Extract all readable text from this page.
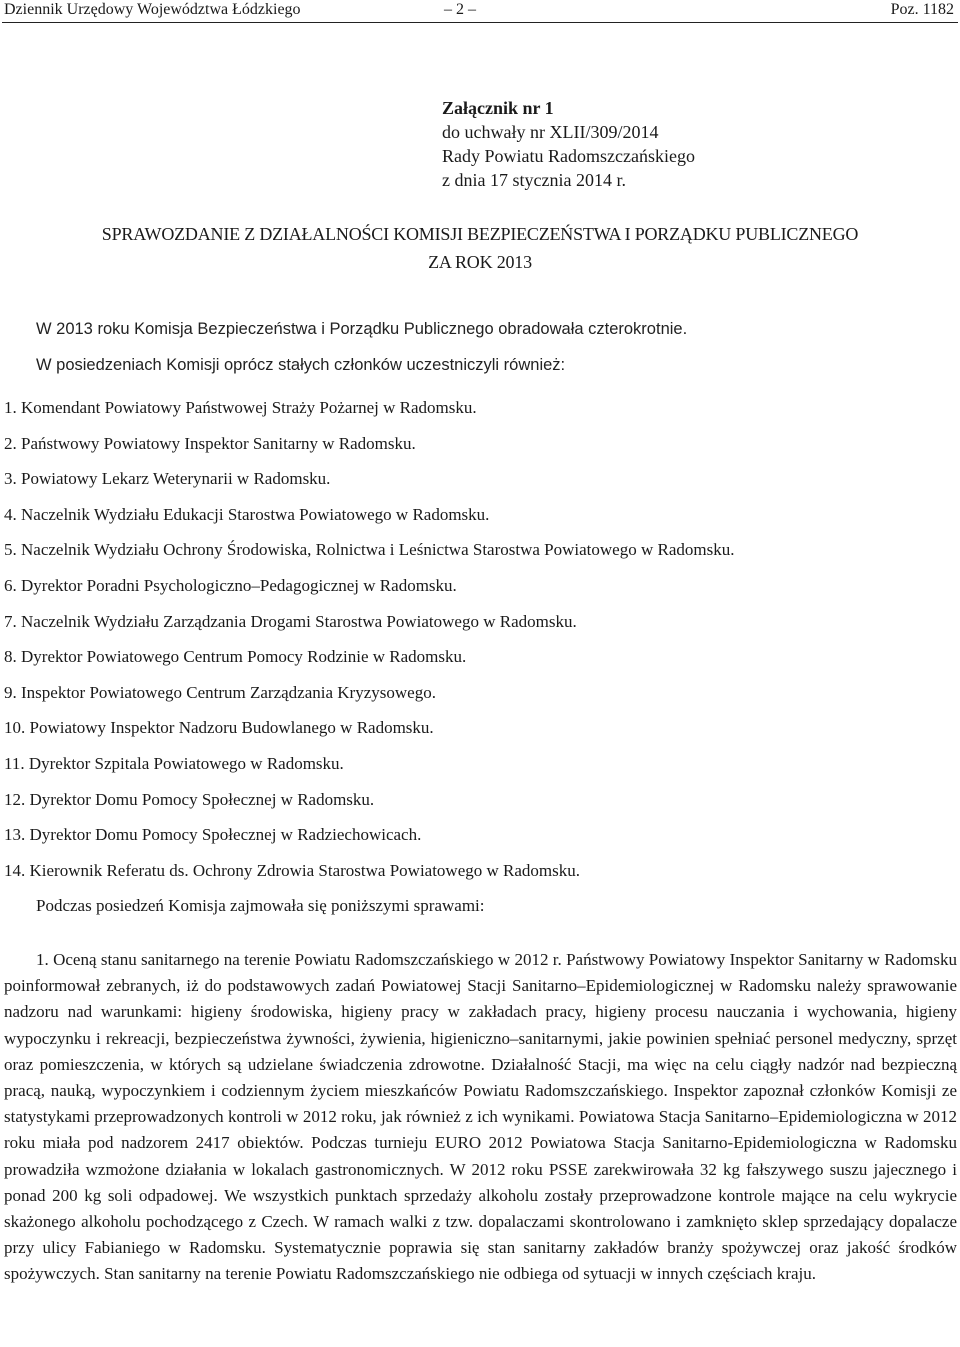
Dziennik Urzędowy Województwa Łódzkiego	– 2 –	Poz. 1182
Załącznik nr 1
do uchwały nr XLII/309/2014
Rady Powiatu Radomszczańskiego
z dnia 17 stycznia 2014 r.
SPRAWOZDANIE Z DZIAŁALNOŚCI KOMISJI BEZPIECZEŃSTWA I PORZĄDKU PUBLICZNEGO
ZA ROK 2013
W 2013 roku Komisja Bezpieczeństwa i Porządku Publicznego obradowała czterokrotnie.
W posiedzeniach Komisji oprócz stałych członków uczestniczyli również:
1. Komendant Powiatowy Państwowej Straży Pożarnej w Radomsku.
2. Państwowy Powiatowy Inspektor Sanitarny w Radomsku.
3. Powiatowy Lekarz Weterynarii w Radomsku.
4. Naczelnik Wydziału Edukacji Starostwa Powiatowego w Radomsku.
5. Naczelnik Wydziału Ochrony Środowiska, Rolnictwa i Leśnictwa Starostwa Powiatowego w Radomsku.
6. Dyrektor Poradni Psychologiczno–Pedagogicznej w Radomsku.
7. Naczelnik Wydziału Zarządzania Drogami Starostwa Powiatowego w Radomsku.
8. Dyrektor Powiatowego Centrum Pomocy Rodzinie w Radomsku.
9. Inspektor Powiatowego Centrum Zarządzania Kryzysowego.
10. Powiatowy Inspektor Nadzoru Budowlanego w Radomsku.
11. Dyrektor Szpitala Powiatowego w Radomsku.
12. Dyrektor Domu Pomocy Społecznej w Radomsku.
13. Dyrektor Domu Pomocy Społecznej w Radziechowicach.
14. Kierownik Referatu ds. Ochrony Zdrowia Starostwa Powiatowego w Radomsku.
Podczas posiedzeń Komisja zajmowała się poniższymi sprawami:

1. Oceną stanu sanitarnego na terenie Powiatu Radomszczańskiego w 2012 r. Państwowy Powiatowy Inspektor Sanitarny w Radomsku poinformował zebranych, iż do podstawowych zadań Powiatowej Stacji Sanitarno–Epidemiologicznej w Radomsku należy sprawowanie nadzoru nad warunkami: higieny środowiska, higieny pracy w zakładach pracy, higieny procesu nauczania i wychowania, higieny wypoczynku i rekreacji, bezpieczeństwa żywności, żywienia, higieniczno–sanitarnymi, jakie powinien spełniać personel medyczny, sprzęt oraz pomieszczenia, w których są udzielane świadczenia zdrowotne. Działalność Stacji, ma więc na celu ciągły nadzór nad bezpieczną pracą, nauką, wypoczynkiem i codziennym życiem mieszkańców Powiatu Radomszczańskiego. Inspektor zapoznał członków Komisji ze statystykami przeprowadzonych kontroli w 2012 roku, jak również z ich wynikami. Powiatowa Stacja Sanitarno–Epidemiologiczna w 2012 roku miała pod nadzorem 2417 obiektów. Podczas turnieju EURO 2012 Powiatowa Stacja Sanitarno-Epidemiologiczna w Radomsku prowadziła wzmożone działania w lokalach gastronomicznych. W 2012 roku PSSE zarekwirowała 32 kg fałszywego suszu jajecznego i ponad 200 kg soli odpadowej. We wszystkich punktach sprzedaży alkoholu zostały przeprowadzone kontrole mające na celu wykrycie skażonego alkoholu pochodzącego z Czech. W ramach walki z tzw. dopalaczami skontrolowano i zamknięto sklep sprzedający dopalacze przy ulicy Fabianiego w Radomsku. Systematycznie poprawia się stan sanitarny zakładów branży spożywczej oraz jakość środków spożywczych. Stan sanitarny na terenie Powiatu Radomszczańskiego nie odbiega od sytuacji w innych częściach kraju.
